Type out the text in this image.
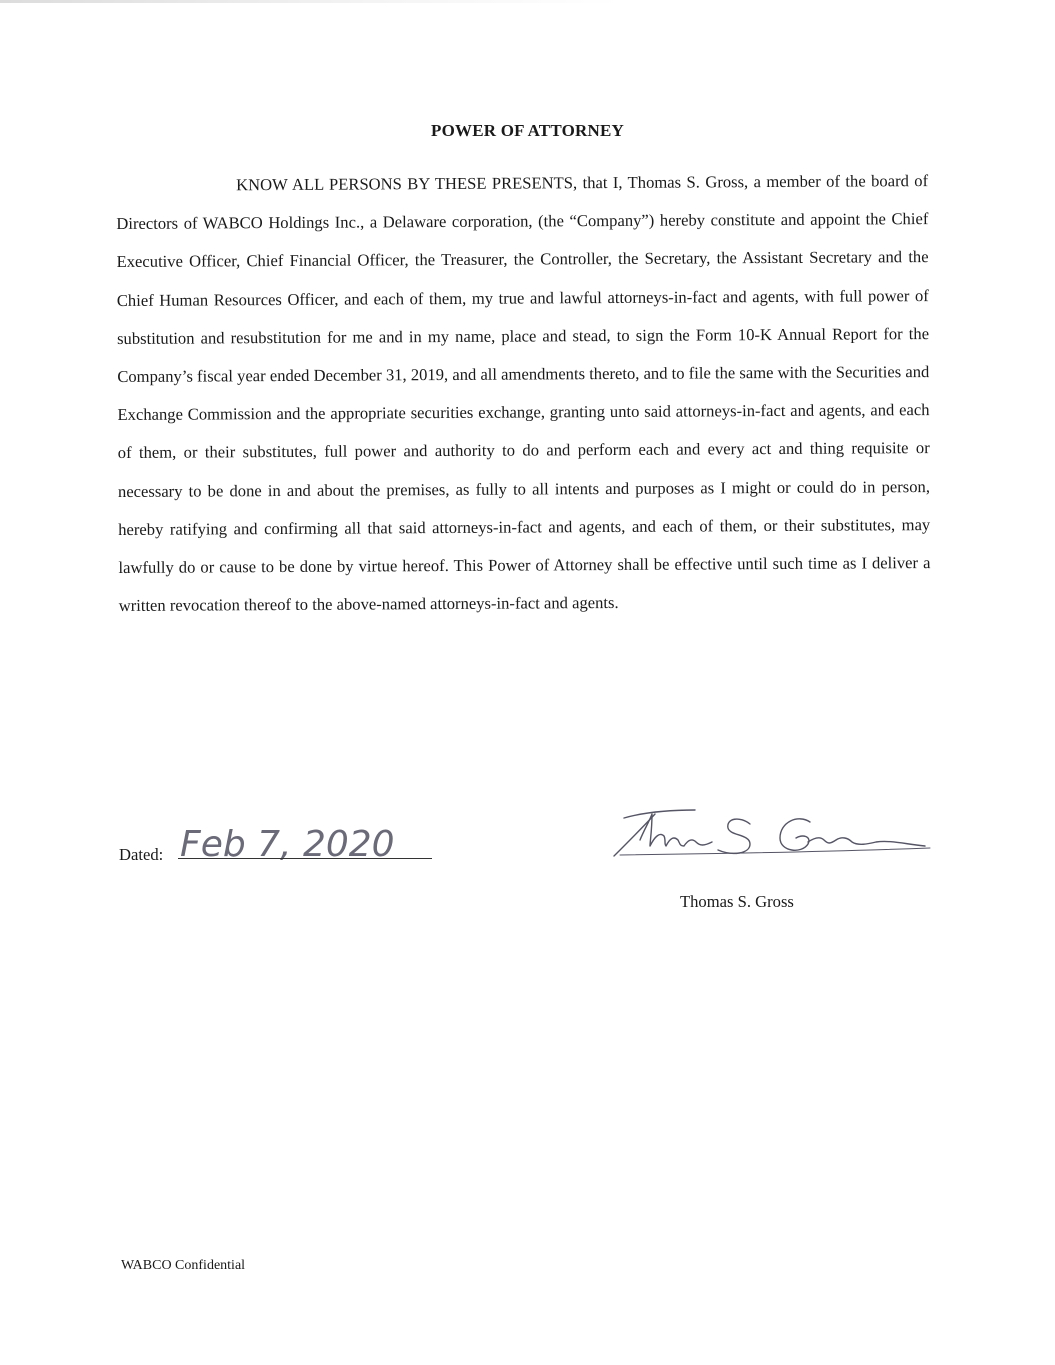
POWER OF ATTORNEY
KNOW ALL PERSONS BY THESE PRESENTS, that I, Thomas S. Gross, a member of the board of Directors of WABCO Holdings Inc., a Delaware corporation, (the “Company”) hereby constitute and appoint the Chief Executive Officer, Chief Financial Officer, the Treasurer, the Controller, the Secretary, the Assistant Secretary and the Chief Human Resources Officer, and each of them, my true and lawful attorneys-in-fact and agents, with full power of substitution and resubstitution for me and in my name, place and stead, to sign the Form 10-K Annual Report for the Company’s fiscal year ended December 31, 2019, and all amendments thereto, and to file the same with the Securities and Exchange Commission and the appropriate securities exchange, granting unto said attorneys-in-fact and agents, and each of them, or their substitutes, full power and authority to do and perform each and every act and thing requisite or necessary to be done in and about the premises, as fully to all intents and purposes as I might or could do in person, hereby ratifying and confirming all that said attorneys-in-fact and agents, and each of them, or their substitutes, may lawfully do or cause to be done by virtue hereof. This Power of Attorney shall be effective until such time as I deliver a written revocation thereof to the above-named attorneys-in-fact and agents.
Dated: Feb 7, 2020
Thomas S. Gross
WABCO Confidential
